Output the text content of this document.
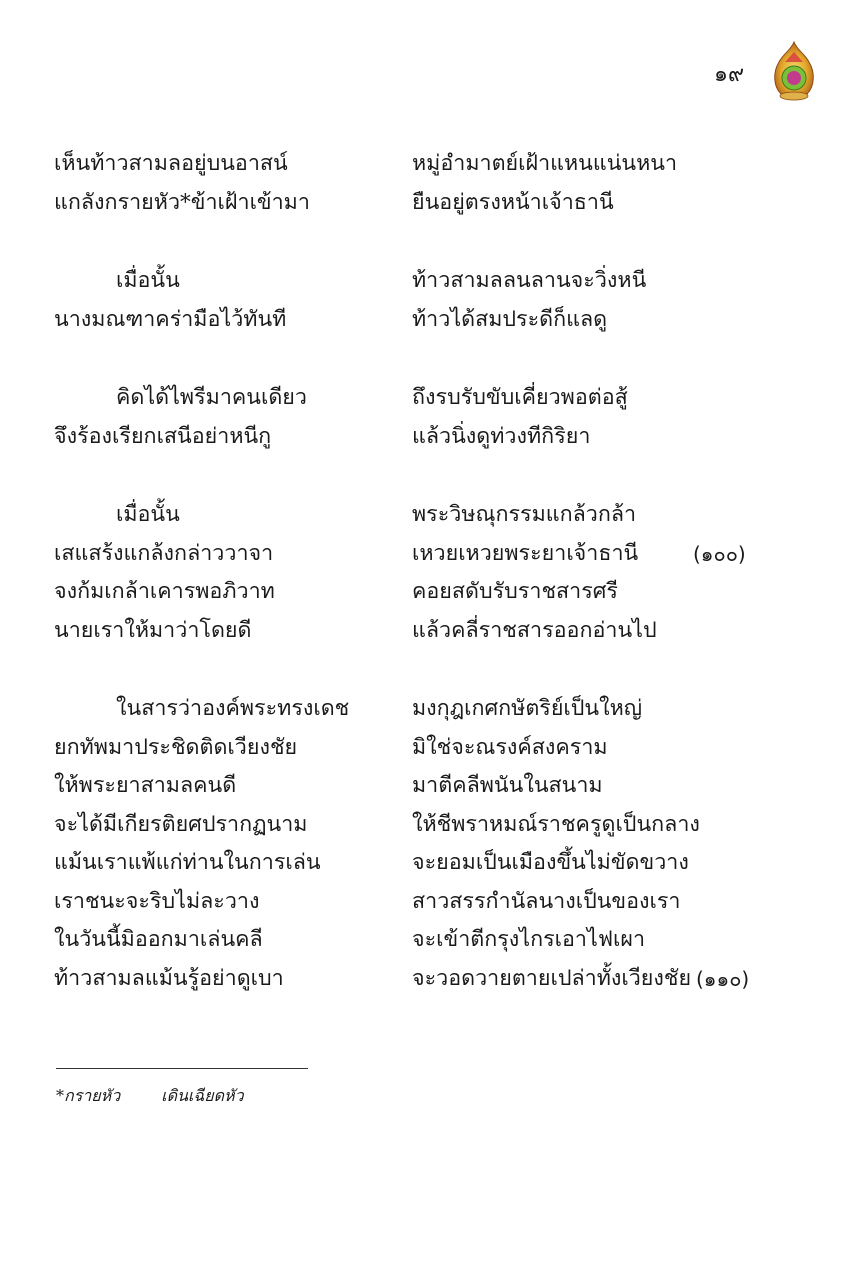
๑๙
เห็นท้าวสามลอยู่บนอาสน์	หมู่อำมาตย์เฝ้าแหนแน่นหนา
แกลังกรายหัว*ข้าเฝ้าเข้ามา	ยืนอยู่ตรงหน้าเจ้าธานี
เมื่อนั้น	ท้าวสามลลนลานจะวิ่งหนี
นางมณฑาคร่ามือไว้ทันที	ท้าวได้สมประดีก็แลดู
คิดได้ไพรีมาคนเดียว	ถึงรบรับขับเคี่ยวพอต่อสู้
จึงร้องเรียกเสนีอย่าหนีกู	แล้วนิ่งดูท่วงทีกิริยา
เมื่อนั้น	พระวิษณุกรรมแกล้วกล้า
เสแสร้งแกล้งกล่าววาจา	เหวยเหวยพระยาเจ้าธานี	(๑๐๐)
จงก้มเกล้าเคารพอภิวาท	คอยสดับรับราชสารศรี
นายเราให้มาว่าโดยดี	แล้วคลี่ราชสารออกอ่านไป
ในสารว่าองค์พระทรงเดช	มงกุฎเกศกษัตริย์เป็นใหญ่
ยกทัพมาประชิดติดเวียงชัย	มิใช่จะณรงค์สงคราม
ให้พระยาสามลคนดี	มาตีคลีพนันในสนาม
จะได้มีเกียรติยศปรากฏนาม	ให้ชีพราหมณ์ราชครูดูเป็นกลาง
แม้นเราแพ้แก่ท่านในการเล่น	จะยอมเป็นเมืองขึ้นไม่ขัดขวาง
เราชนะจะริบไม่ละวาง	สาวสรรกำนัลนางเป็นของเรา
ในวันนี้มิออกมาเล่นคลี	จะเข้าตีกรุงไกรเอาไฟเผา
ท้าวสามลแม้นรู้อย่าดูเบา	จะวอดวายตายเปล่าทั้งเวียงชัย (๑๑๐)
*กรายหัว	เดินเฉียดหัว
